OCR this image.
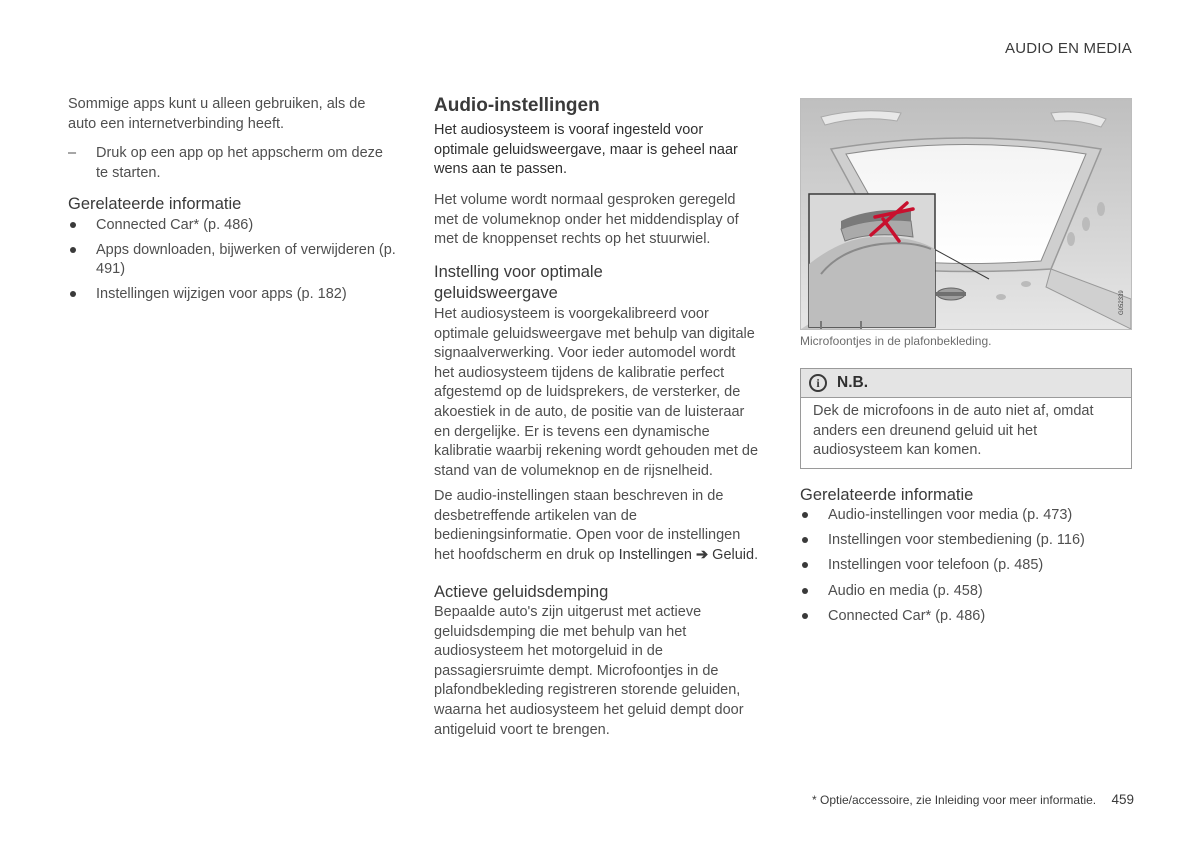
AUDIO EN MEDIA

Sommige apps kunt u alleen gebruiken, als de auto een internetverbinding heeft.

– Druk op een app op het appscherm om deze te starten.

Gerelateerde informatie
Connected Car* (p. 486)
Apps downloaden, bijwerken of verwijderen (p. 491)
Instellingen wijzigen voor apps (p. 182)
Audio-instellingen

Het audiosysteem is vooraf ingesteld voor optimale geluidsweergave, maar is geheel naar wens aan te passen.

Het volume wordt normaal gesproken geregeld met de volumeknop onder het middendisplay of met de knoppenset rechts op het stuurwiel.

Instelling voor optimale geluidsweergave

Het audiosysteem is voorgekalibreerd voor optimale geluidsweergave met behulp van digitale signaalverwerking. Voor ieder automodel wordt het audiosysteem tijdens de kalibratie perfect afgestemd op de luidsprekers, de versterker, de akoestiek in de auto, de positie van de luisteraar en dergelijke. Er is tevens een dynamische kalibratie waarbij rekening wordt gehouden met de stand van de volumeknop en de rijsnelheid.

De audio-instellingen staan beschreven in de desbetreffende artikelen van de bedieningsinformatie. Open voor de instellingen het hoofdscherm en druk op Instellingen ➔ Geluid.

Actieve geluidsdemping

Bepaalde auto's zijn uitgerust met actieve geluidsdemping die met behulp van het audiosysteem het motorgeluid in de passagiersruimte dempt. Microfoontjes in de plafondbekleding registreren storende geluiden, waarna het audiosysteem het geluid dempt door antigeluid voort te brengen.

G052339
Microfoontjes in de plafonbekleding.
i	N.B.

Dek de microfoons in de auto niet af, omdat anders een dreunend geluid uit het audiosysteem kan komen.

Gerelateerde informatie
Audio-instellingen voor media (p. 473)
Instellingen voor stembediening (p. 116)
Instellingen voor telefoon (p. 485)
Audio en media (p. 458)
Connected Car* (p. 486)
* Optie/accessoire, zie Inleiding voor meer informatie. 459
